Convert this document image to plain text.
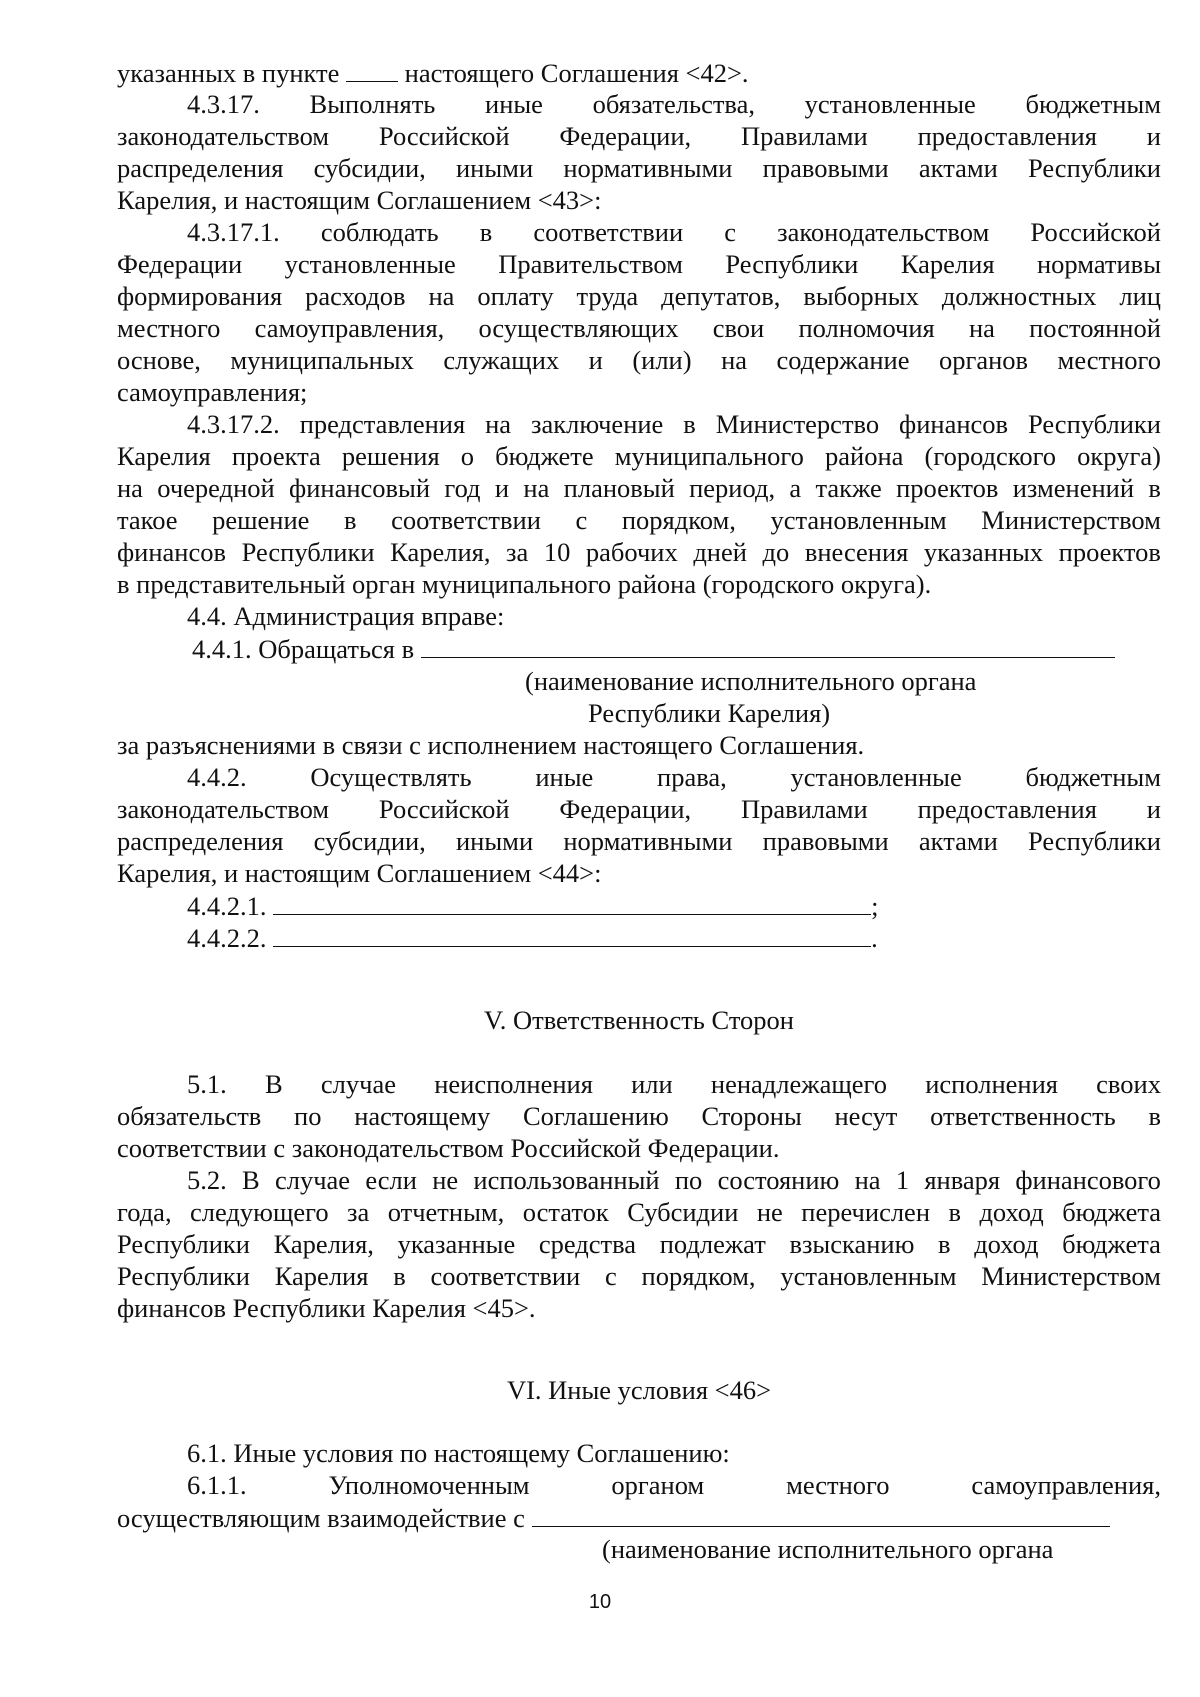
указанных в пункте настоящего Соглашения <42>.
4.3.17. Выполнять иные обязательства, установленные бюджетным
законодательством Российской Федерации, Правилами предоставления и
распределения субсидии, иными нормативными правовыми актами Республики
Карелия, и настоящим Соглашением <43>:
4.3.17.1. соблюдать в соответствии с законодательством Российской
Федерации установленные Правительством Республики Карелия нормативы
формирования расходов на оплату труда депутатов, выборных должностных лиц
местного самоуправления, осуществляющих свои полномочия на постоянной
основе, муниципальных служащих и (или) на содержание органов местного
самоуправления;
4.3.17.2. представления на заключение в Министерство финансов Республики
Карелия проекта решения о бюджете муниципального района (городского округа)
на очередной финансовый год и на плановый период, а также проектов изменений в
такое решение в соответствии с порядком, установленным Министерством
финансов Республики Карелия, за 10 рабочих дней до внесения указанных проектов
в представительный орган муниципального района (городского округа).
4.4. Администрация вправе:
4.4.1. Обращаться в
(наименование исполнительного органа
Республики Карелия)
за разъяснениями в связи с исполнением настоящего Соглашения.
4.4.2. Осуществлять иные права, установленные бюджетным
законодательством Российской Федерации, Правилами предоставления и
распределения субсидии, иными нормативными правовыми актами Республики
Карелия, и настоящим Соглашением <44>:
4.4.2.1.	;
4.4.2.2.	.
V. Ответственность Сторон
5.1. В случае неисполнения или ненадлежащего исполнения своих
обязательств по настоящему Соглашению Стороны несут ответственность в
соответствии с законодательством Российской Федерации.
5.2. В случае если не использованный по состоянию на 1 января финансового
года, следующего за отчетным, остаток Субсидии не перечислен в доход бюджета
Республики Карелия, указанные средства подлежат взысканию в доход бюджета
Республики Карелия в соответствии с порядком, установленным Министерством
финансов Республики Карелия <45>.
VI. Иные условия <46>
6.1. Иные условия по настоящему Соглашению:
6.1.1.	Уполномоченным	органом	местного	самоуправления,
осуществляющим взаимодействие с
(наименование исполнительного органа
10
